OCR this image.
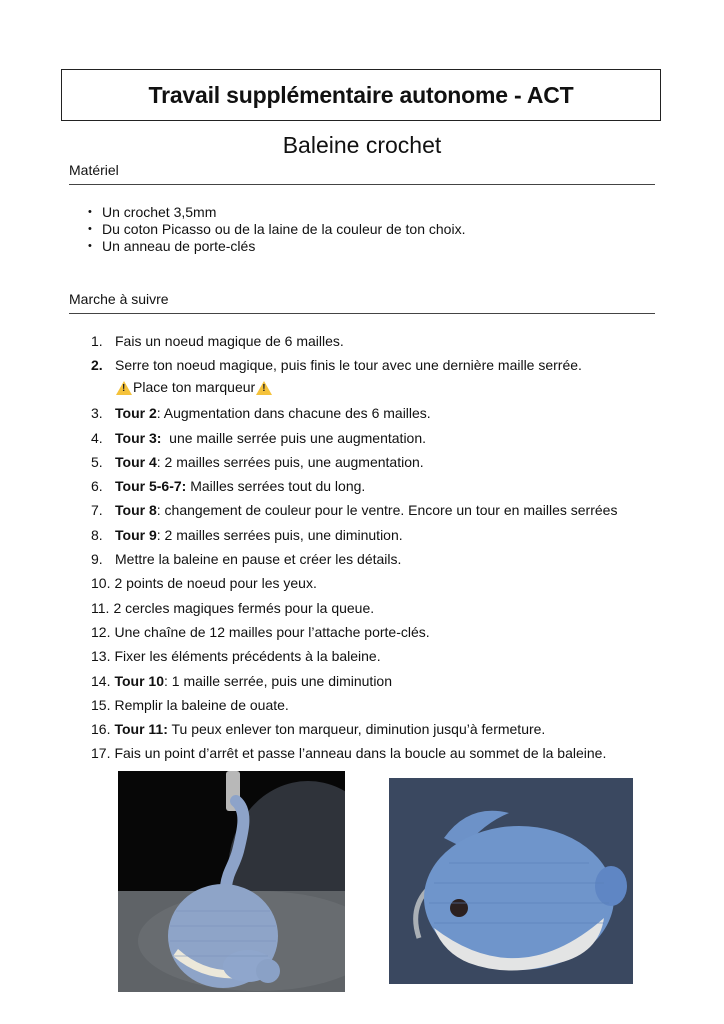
Travail supplémentaire autonome - ACT
Baleine crochet
Matériel
• Un crochet 3,5mm
• Du coton Picasso ou de la laine de la couleur de ton choix.
• Un anneau de porte-clés
Marche à suivre
1. Fais un noeud magique de 6 mailles.
2. Serre ton noeud magique, puis finis le tour avec une dernière maille serrée.
!
Place ton marqueur
!
3. Tour 2: Augmentation dans chacune des 6 mailles.
4. Tour 3:  une maille serrée puis une augmentation.
5. Tour 4: 2 mailles serrées puis, une augmentation.
6. Tour 5-6-7: Mailles serrées tout du long.
7. Tour 8: changement de couleur pour le ventre. Encore un tour en mailles serrées
8. Tour 9: 2 mailles serrées puis, une diminution.
9. Mettre la baleine en pause et créer les détails.
10. 2 points de noeud pour les yeux.
11. 2 cercles magiques fermés pour la queue.
12. Une chaîne de 12 mailles pour l’attache porte-clés.
13. Fixer les éléments précédents à la baleine.
14. Tour 10: 1 maille serrée, puis une diminution
15. Remplir la baleine de ouate.
16. Tour 11: Tu peux enlever ton marqueur, diminution jusqu’à fermeture.
17. Fais un point d’arrêt et passe l’anneau dans la boucle au sommet de la baleine.
